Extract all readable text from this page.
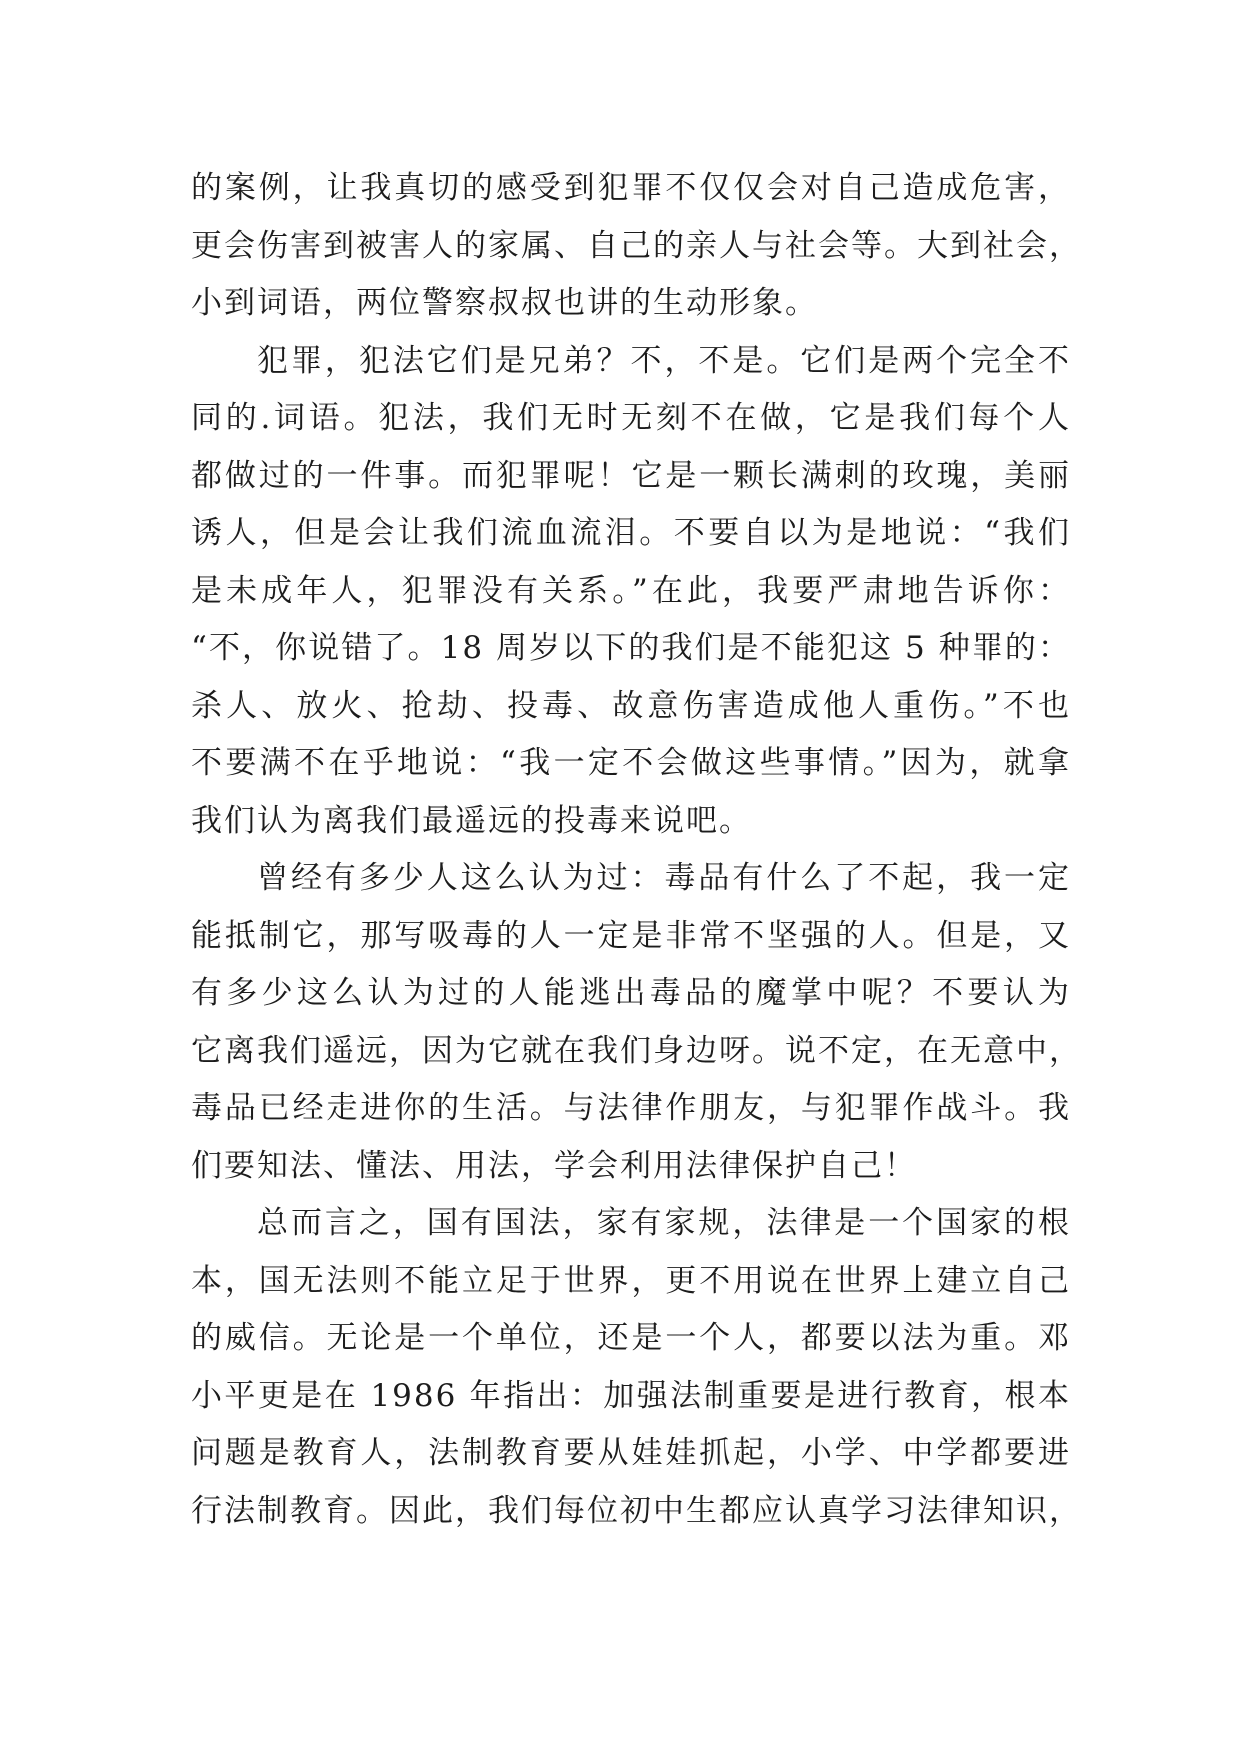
的案例，让我真切的感受到犯罪不仅仅会对自己造成危害，
更会伤害到被害人的家属、自己的亲人与社会等。大到社会，
小到词语，两位警察叔叔也讲的生动形象。
犯罪，犯法它们是兄弟？不，不是。它们是两个完全不
同的.词语。犯法，我们无时无刻不在做，它是我们每个人
都做过的一件事。而犯罪呢！它是一颗长满刺的玫瑰，美丽
诱人，但是会让我们流血流泪。不要自以为是地说：“我们
是未成年人，犯罪没有关系。”在此，我要严肃地告诉你：
“不，你说错了。18 周岁以下的我们是不能犯这 5 种罪的：
杀人、放火、抢劫、投毒、故意伤害造成他人重伤。”不也
不要满不在乎地说：“我一定不会做这些事情。”因为，就拿
我们认为离我们最遥远的投毒来说吧。
曾经有多少人这么认为过：毒品有什么了不起，我一定
能抵制它，那写吸毒的人一定是非常不坚强的人。但是，又
有多少这么认为过的人能逃出毒品的魔掌中呢？不要认为
它离我们遥远，因为它就在我们身边呀。说不定，在无意中，
毒品已经走进你的生活。与法律作朋友，与犯罪作战斗。我
们要知法、懂法、用法，学会利用法律保护自己！
总而言之，国有国法，家有家规，法律是一个国家的根
本，国无法则不能立足于世界，更不用说在世界上建立自己
的威信。无论是一个单位，还是一个人，都要以法为重。邓
小平更是在 1986 年指出：加强法制重要是进行教育，根本
问题是教育人，法制教育要从娃娃抓起，小学、中学都要进
行法制教育。因此，我们每位初中生都应认真学习法律知识，
